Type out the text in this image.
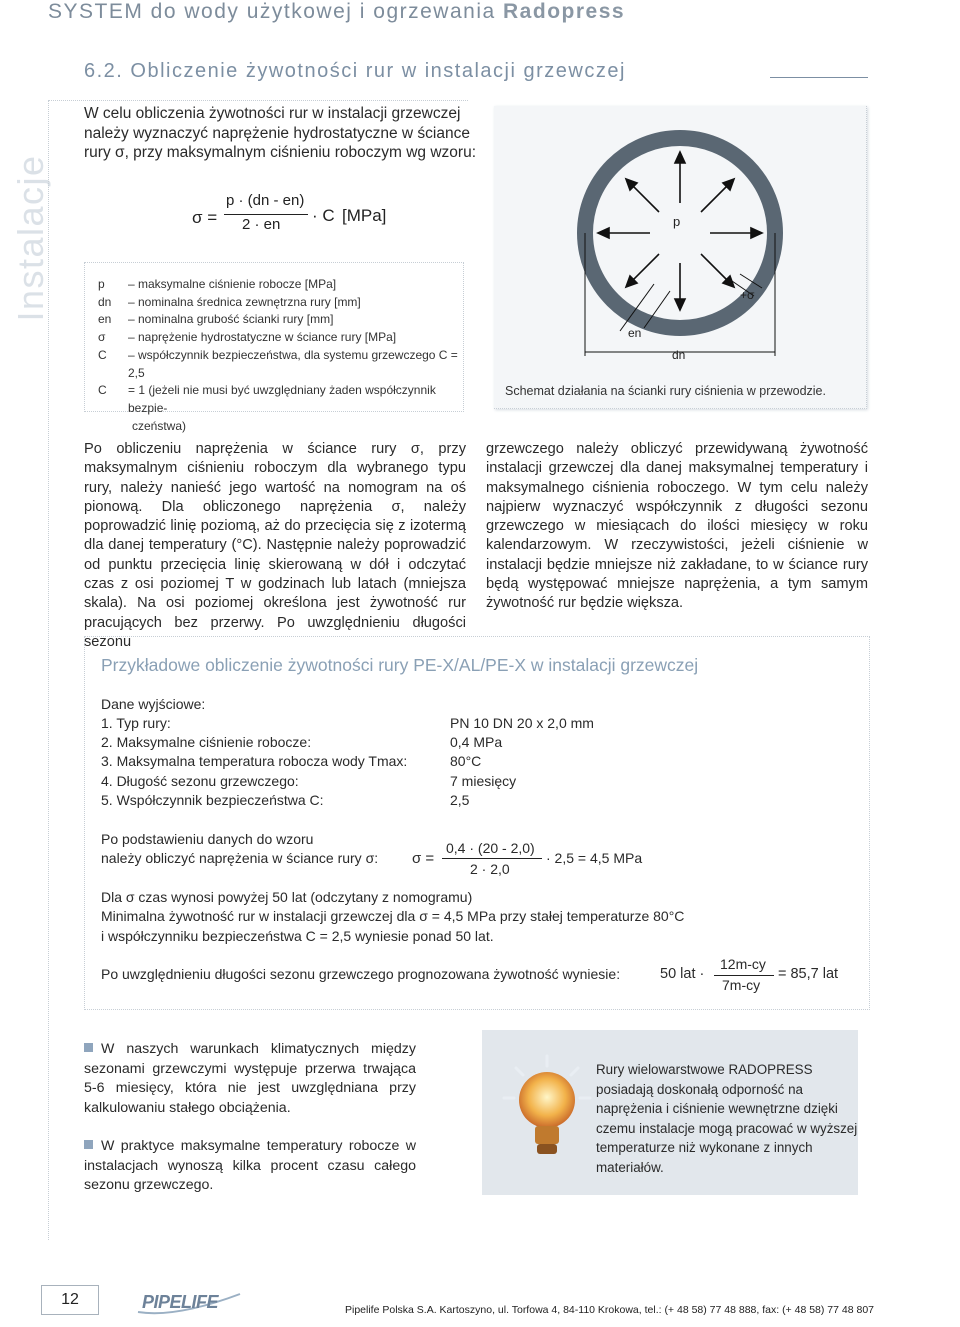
SYSTEM do wody użytkowej i ogrzewania Radopress
6.2. Obliczenie żywotności rur w instalacji grzewczej
Instalacje
W celu obliczenia żywotności rur w instalacji grzewczej należy wyznaczyć naprężenie hydrostatyczne w ściance rury σ, przy maksymalnym ciśnieniu roboczym wg wzoru:
σ =
p · (dn - en)
2 · en · C [MPa]
p	– maksymalne ciśnienie robocze [MPa]
dn	– nominalna średnica zewnętrzna rury [mm]
en	– nominalna grubość ścianki rury [mm]
σ	– naprężenie hydrostatyczne w ściance rury [MPa]
C	– współczynnik bezpieczeństwa, dla systemu grzewczego C = 2,5
C	= 1 (jeżeli nie musi być uwzględniany żaden współczynnik bezpie-
czeństwa)
p
en
dn
+σ
Schemat działania na ścianki rury ciśnienia w przewodzie.
Po obliczeniu naprężenia w ściance rury σ, przy maksymalnym ciśnieniu roboczym dla wybranego typu rury, należy nanieść jego wartość na nomogram na oś pionową. Dla obliczonego naprężenia σ, należy poprowadzić linię poziomą, aż do przecięcia się z izotermą dla danej temperatury (°C). Następnie należy poprowadzić od punktu przecięcia linię skierowaną w dół i odczytać czas z osi poziomej T w godzinach lub latach (mniejsza skala). Na osi poziomej określona jest żywotność rur pracujących bez przerwy. Po uwzględnieniu długości sezonu
grzewczego należy obliczyć przewidywaną żywotność instalacji grzewczej dla danej maksymalnej temperatury i maksymalnego ciśnienia roboczego. W tym celu należy najpierw wyznaczyć współczynnik z długości sezonu grzewczego w miesiącach do ilości miesięcy w roku kalendarzowym. W rzeczywistości, jeżeli ciśnienie w instalacji będzie mniejsze niż zakładane, to w ściance rury będą występować mniejsze naprężenia, a tym samym żywotność rur będzie większa.
Przykładowe obliczenie żywotności rury PE-X/AL/PE-X w instalacji grzewczej
Dane wyjściowe:
1. Typ rury:	PN 10 DN 20 x 2,0 mm
2. Maksymalne ciśnienie robocze:	0,4 MPa
3. Maksymalna temperatura robocza wody Tmax:	80°C
4. Długość sezonu grzewczego:	7 miesięcy
5. Współczynnik bezpieczeństwa C:	2,5
Po podstawieniu danych do wzoru
należy obliczyć naprężenia w ściance rury σ: σ =
0,4 · (20 - 2,0)
2 · 2,0
· 2,5 = 4,5 MPa
Dla σ czas wynosi powyżej 50 lat (odczytany z nomogramu)
Minimalna żywotność rur w instalacji grzewczej dla σ = 4,5 MPa przy stałej temperaturze 80°C
i współczynniku bezpieczeństwa C = 2,5 wyniesie ponad 50 lat.
Po uwzględnieniu długości sezonu grzewczego prognozowana żywotność wyniesie:	50 lat ·
12m-cy
7m-cy
= 85,7 lat
W naszych warunkach klimatycznych między sezonami grzewczymi występuje przerwa trwająca 5-6 miesięcy, która nie jest uwzględniana przy kalkulowaniu stałego obciążenia.
W praktyce maksymalne temperatury robocze w instalacjach wynoszą kilka procent czasu całego sezonu grzewczego.
Rury wielowarstwowe RADOPRESS posiadają doskonałą odporność na naprężenia i ciśnienie wewnętrzne dzięki czemu instalacje mogą pracować w wyższej temperaturze niż wykonane z innych materiałów.
12	PIPELIFE	Pipelife Polska S.A. Kartoszyno, ul. Torfowa 4, 84-110 Krokowa, tel.: (+ 48 58) 77 48 888, fax: (+ 48 58) 77 48 807
